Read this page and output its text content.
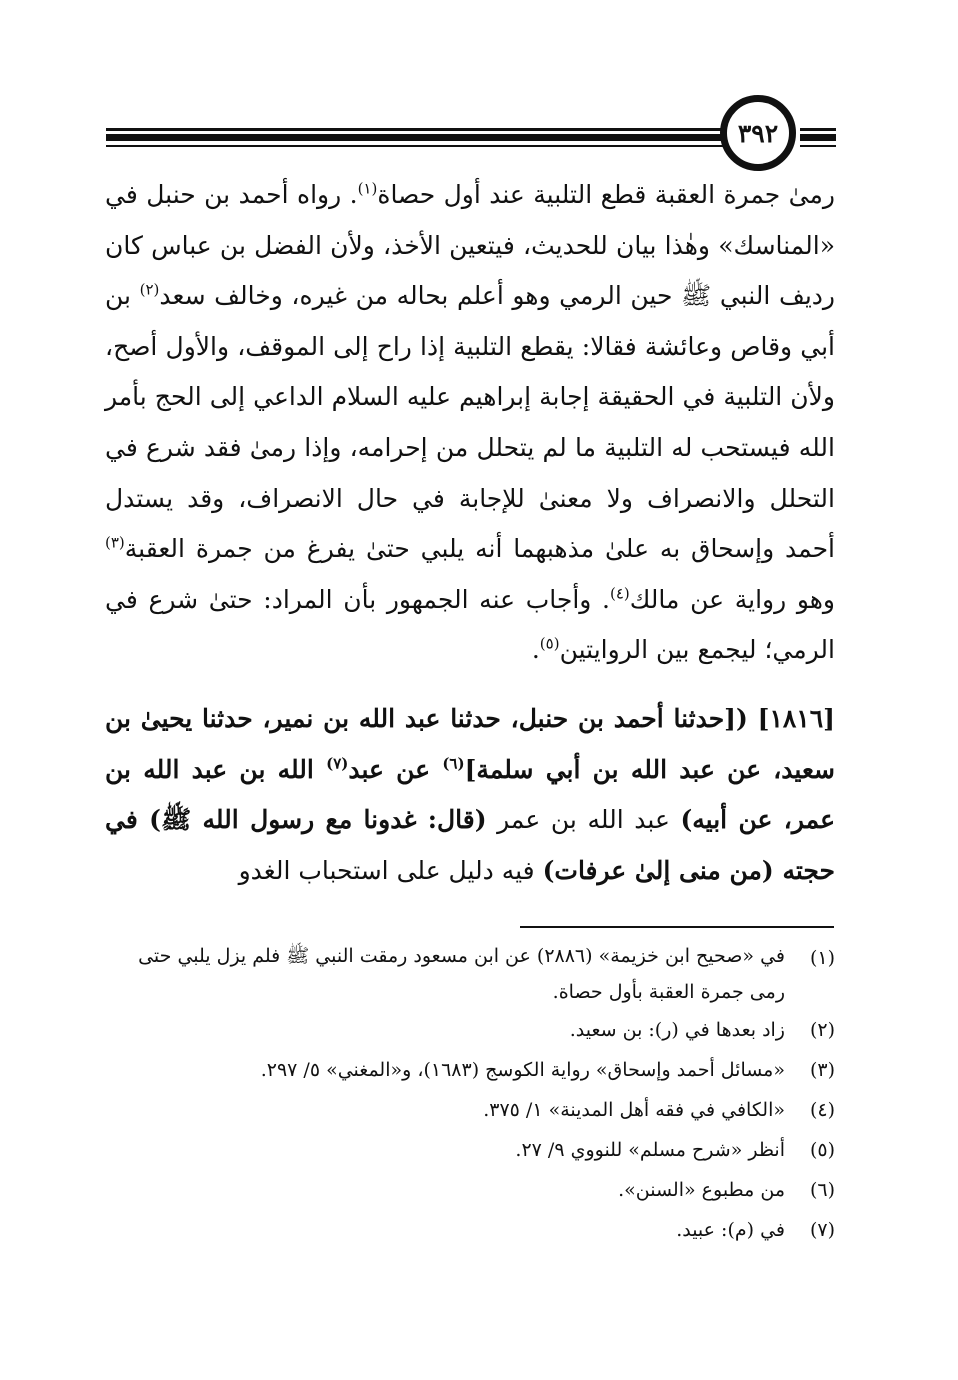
٣٩٢

رمىٰ جمرة العقبة قطع التلبية عند أول حصاة$^{(١)}$. رواه أحمد بن حنبل في «المناسك» وهٰذا بيان للحديث، فيتعين الأخذ، ولأن الفضل بن عباس كان رديف النبي ﷺ حين الرمي وهو أعلم بحاله من غيره، وخالف سعد$^{(٢)}$ بن أبي وقاص وعائشة فقالا: يقطع التلبية إذا راح إلى الموقف، والأول أصح، ولأن التلبية في الحقيقة إجابة إبراهيم عليه السلام الداعي إلى الحج بأمر الله فيستحب له التلبية ما لم يتحلل من إحرامه، وإذا رمىٰ فقد شرع في التحلل والانصراف ولا معنىٰ للإجابة في حال الانصراف، وقد يستدل أحمد وإسحاق به علىٰ مذهبهما أنه يلبي حتىٰ يفرغ من جمرة العقبة$^{(٣)}$ وهو رواية عن مالك$^{(٤)}$. وأجاب عنه الجمهور بأن المراد: حتىٰ شرع في الرمي؛ ليجمع بين الروايتين$^{(٥)}$.

[١٨١٦] ([حدثنا أحمد بن حنبل، حدثنا عبد الله بن نمير، حدثنا يحيىٰ بن سعيد، عن عبد الله بن أبي سلمة]$^{(٦)}$ عن عبد$^{(٧)}$ الله بن عبد الله بن عمر، عن أبيه) عبد الله بن عمر (قال: غدونا مع رسول الله ﷺ) في حجته (من منى إلىٰ عرفات) فيه دليل على استحباب الغدو

(١)
في «صحيح ابن خزيمة» (٢٨٨٦) عن ابن مسعود رمقت النبي ﷺ فلم يزل يلبي حتى رمى جمرة العقبة بأول حصاة.
(٢)
زاد بعدها في (ر): بن سعيد.
(٣)
«مسائل أحمد وإسحاق» رواية الكوسج (١٦٨٣)، و«المغني» ٥/ ٢٩٧.
(٤)
«الكافي في فقه أهل المدينة» ١/ ٣٧٥.
(٥)
أنظر «شرح مسلم» للنووي ٩/ ٢٧.
(٦)
من مطبوع «السنن».
(٧)
في (م): عبيد.
